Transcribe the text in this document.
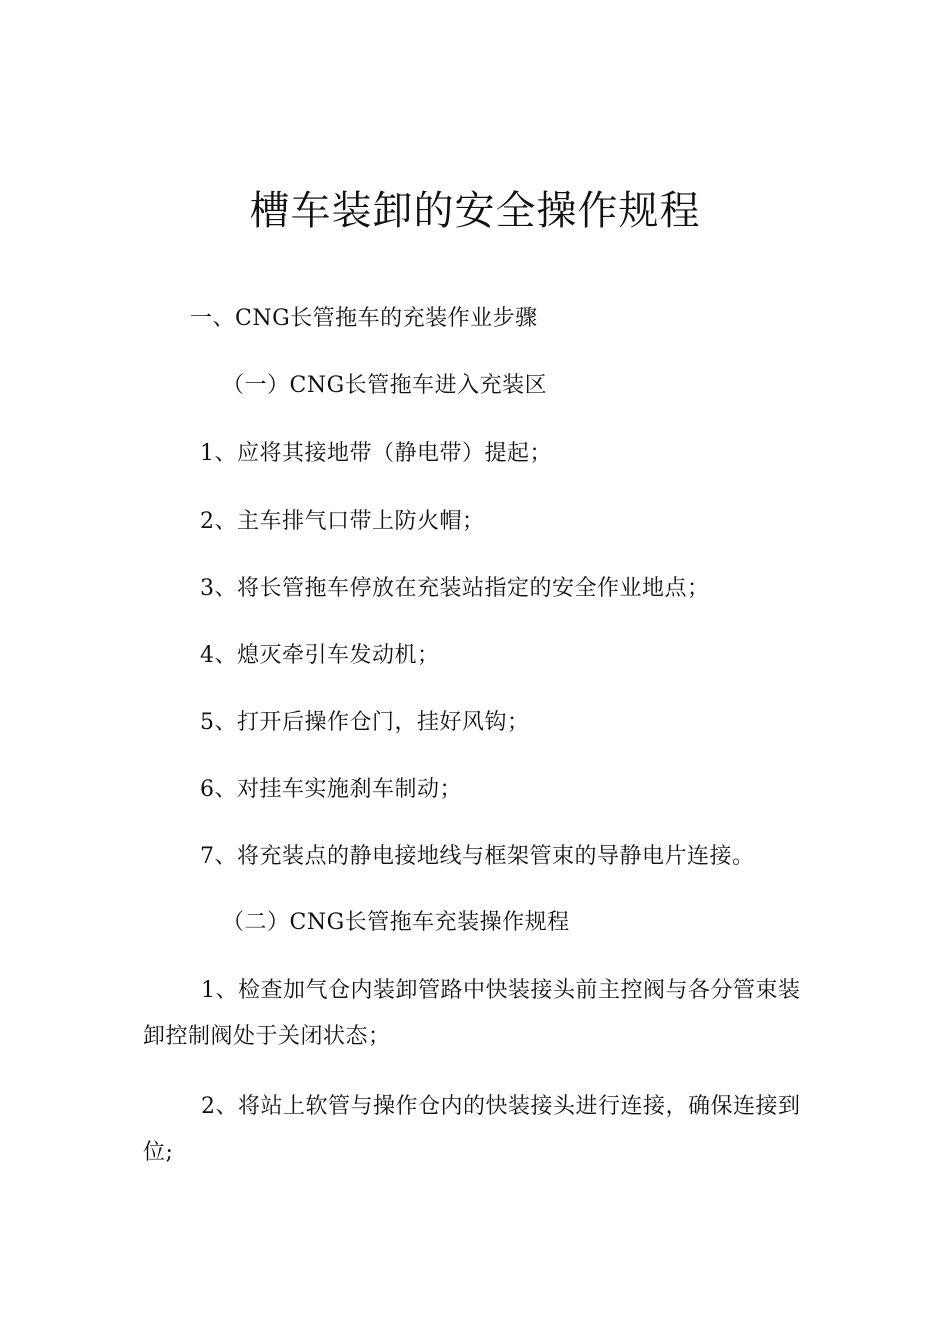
槽车装卸的安全操作规程
一、CNG长管拖车的充装作业步骤
（一）CNG长管拖车进入充装区
1、应将其接地带（静电带）提起；
2、主车排气口带上防火帽；
3、将长管拖车停放在充装站指定的安全作业地点；
4、熄灭牵引车发动机；
5、打开后操作仓门，挂好风钩；
6、对挂车实施刹车制动；
7、将充装点的静电接地线与框架管束的导静电片连接。
（二）CNG长管拖车充装操作规程

1、检查加气仓内装卸管路中快装接头前主控阀与各分管束装卸控制阀处于关闭状态；

2、将站上软管与操作仓内的快装接头进行连接，确保连接到位;
